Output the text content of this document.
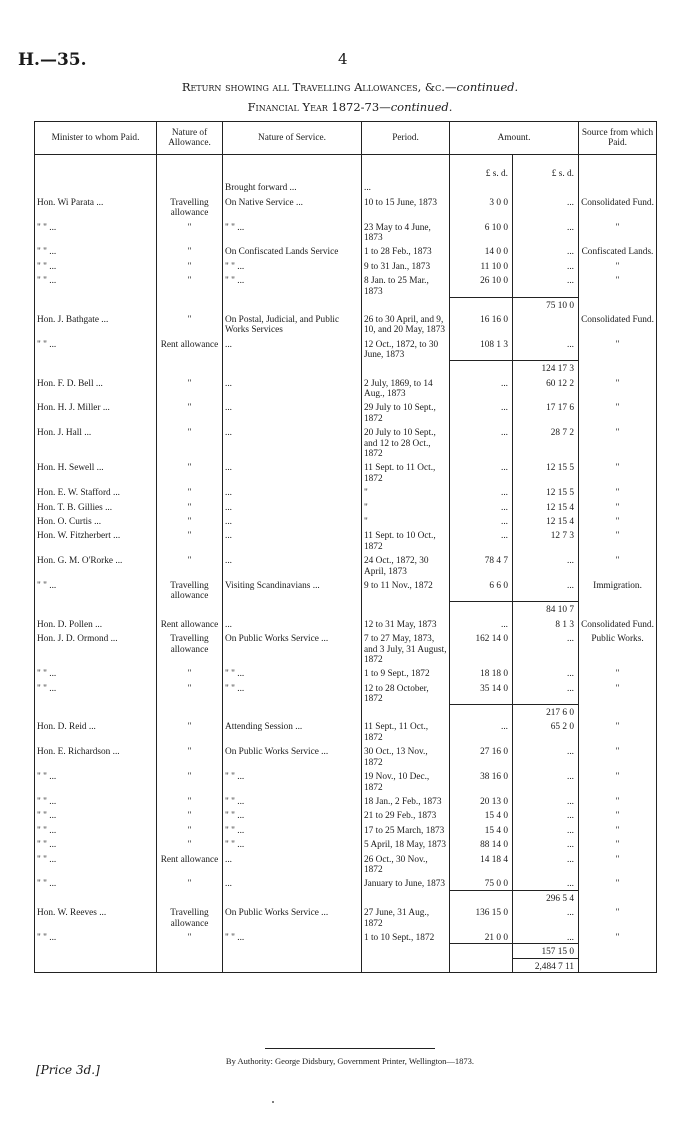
H.—35.	4
Return showing all Travelling Allowances, &c.—continued.
Financial Year 1872-73—continued.
Minister to whom Paid.	Nature of Allowance.	Nature of Service.	Period.	Amount.		Source from which Paid.
				£ s. d.	£ s. d.	
		Brought forward ...	...			
Hon. Wi Parata ...	Travelling allowance	On Native Service ...	10 to 15 June, 1873	3 0 0	...	Consolidated Fund.
" " ...	"	" " ...	23 May to 4 June, 1873	6 10 0	...	"
" " ...	"	On Confiscated Lands Service	1 to 28 Feb., 1873	14 0 0	...	Confiscated Lands.
" " ...	"	" " ...	9 to 31 Jan., 1873	11 10 0	...	"
" " ...	"	" " ...	8 Jan. to 25 Mar., 1873	26 10 0	...	"
					75 10 0	
Hon. J. Bathgate ...	"	On Postal, Judicial, and Public Works Services	26 to 30 April, and 9, 10, and 20 May, 1873	16 16 0		Consolidated Fund.
" " ...	Rent allowance	...	12 Oct., 1872, to 30 June, 1873	108 1 3	...	"
					124 17 3	
Hon. F. D. Bell ...	"	...	2 July, 1869, to 14 Aug., 1873	...	60 12 2	"
Hon. H. J. Miller ...	"	...	29 July to 10 Sept., 1872	...	17 17 6	"
Hon. J. Hall ...	"	...	20 July to 10 Sept., and 12 to 28 Oct., 1872	...	28 7 2	"
Hon. H. Sewell ...	"	...	11 Sept. to 11 Oct., 1872	...	12 15 5	"
Hon. E. W. Stafford ...	"	...	"	...	12 15 5	"
Hon. T. B. Gillies ...	"	...	"	...	12 15 4	"
Hon. O. Curtis ...	"	...	"	...	12 15 4	"
Hon. W. Fitzherbert ...	"	...	11 Sept. to 10 Oct., 1872	...	12 7 3	"
Hon. G. M. O'Rorke ...	"	...	24 Oct., 1872, 30 April, 1873	78 4 7	...	"
" " ...	Travelling allowance	Visiting Scandinavians ...	9 to 11 Nov., 1872	6 6 0	...	Immigration.
					84 10 7	
Hon. D. Pollen ...	Rent allowance	...	12 to 31 May, 1873	...	8 1 3	Consolidated Fund.
Hon. J. D. Ormond ...	Travelling allowance	On Public Works Service ...	7 to 27 May, 1873, and 3 July, 31 August, 1872	162 14 0	...	Public Works.
" " ...	"	" " ...	1 to 9 Sept., 1872	18 18 0	...	"
" " ...	"	" " ...	12 to 28 October, 1872	35 14 0	...	"
					217 6 0	
Hon. D. Reid ...	"	Attending Session ...	11 Sept., 11 Oct., 1872	...	65 2 0	"
Hon. E. Richardson ...	"	On Public Works Service ...	30 Oct., 13 Nov., 1872	27 16 0	...	"
" " ...	"	" " ...	19 Nov., 10 Dec., 1872	38 16 0	...	"
" " ...	"	" " ...	18 Jan., 2 Feb., 1873	20 13 0	...	"
" " ...	"	" " ...	21 to 29 Feb., 1873	15 4 0	...	"
" " ...	"	" " ...	17 to 25 March, 1873	15 4 0	...	"
" " ...	"	" " ...	5 April, 18 May, 1873	88 14 0	...	"
" " ...	Rent allowance	...	26 Oct., 30 Nov., 1872	14 18 4	...	"
" " ...	"	...	January to June, 1873	75 0 0	...	"
					296 5 4	
Hon. W. Reeves ...	Travelling allowance	On Public Works Service ...	27 June, 31 Aug., 1872	136 15 0	...	"
" " ...	"	" " ...	1 to 10 Sept., 1872	21 0 0	...	"
					157 15 0	
					2,484 7 11	
By Authority: George Didsbury, Government Printer, Wellington—1873.
[Price 3d.]
